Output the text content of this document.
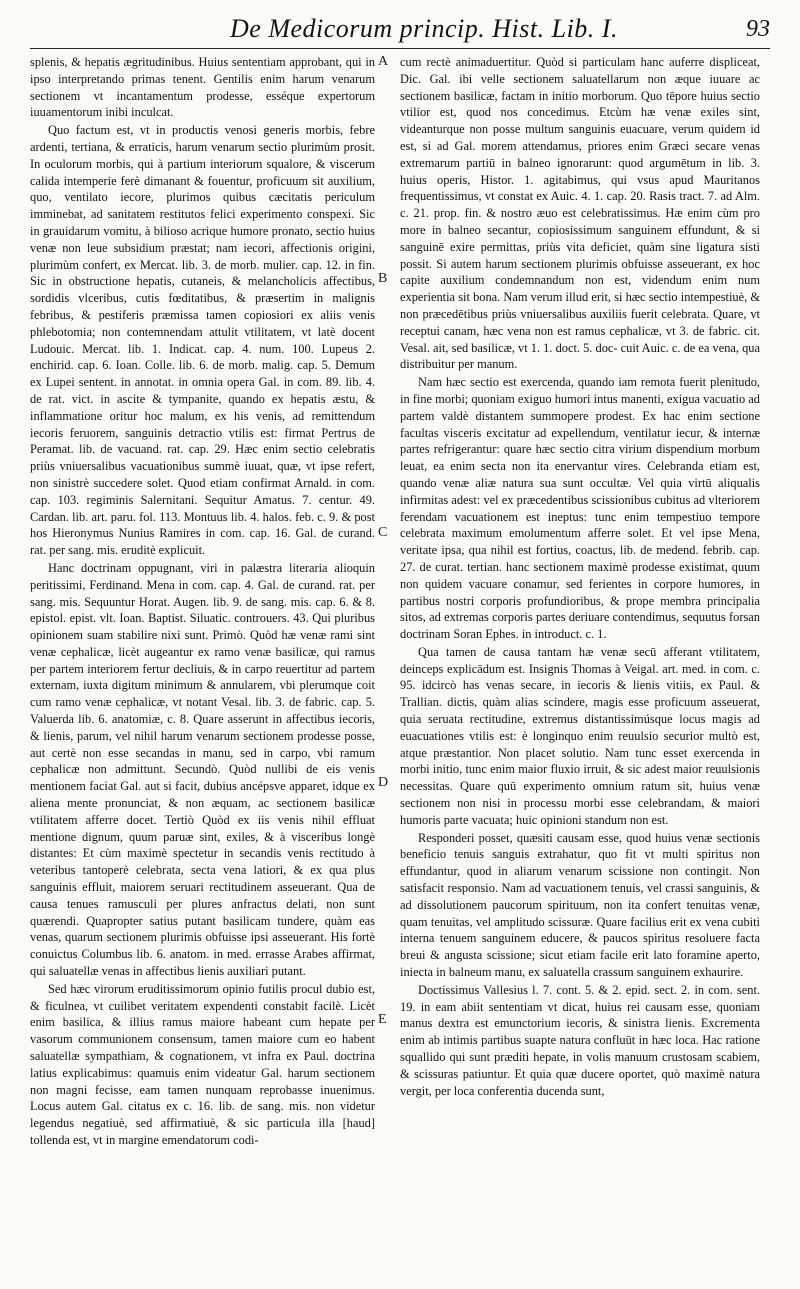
De Medicorum princip. Hist. Lib. I.	93

splenis, & hepatis ægritudinibus. Huius sententiam approbant, qui in ipso interpretando primas tenent. Gentilis enim harum venarum sectionem vt incantamentum prodesse, esséque expertorum iuuamentorum inibi inculcat.

Quo factum est, vt in productis venosi generis morbis, febre ardenti, tertiana, & erraticis, harum venarum sectio plurimùm prosit. In oculorum morbis, qui à partium interiorum squalore, & viscerum calida intemperie ferè dimanant & fouentur, proficuum sit auxilium, quo, ventilato iecore, plurimos quibus cæcitatis periculum imminebat, ad sanitatem restitutos felici experimento conspexi. Sic in grauidarum vomitu, à bilioso acrique humore pronato, sectio huius venæ non leue subsidium præstat; nam iecori, affectionis origini, plurimùm confert, ex Mercat. lib. 3. de morb. mulier. cap. 12. in fin. Sic in obstructione hepatis, cutaneis, & melancholicis affectibus, sordidis vlceribus, cutis fœditatibus, & præsertim in malignis febribus, & pestiferis præmissa tamen copiosiori ex aliis venis phlebotomia; non contemnendam attulit vtilitatem, vt latè docent Ludouic. Mercat. lib. 1. Indicat. cap. 4. num. 100. Lupeus 2. enchirid. cap. 6. Ioan. Colle. lib. 6. de morb. malig. cap. 5. Demum ex Lupei sentent. in annotat. in omnia opera Gal. in com. 89. lib. 4. de rat. vict. in ascite & tympanite, quando ex hepatis æstu, & inflammatione oritur hoc malum, ex his venis, ad remittendum iecoris feruorem, sanguinis detractio vtilis est: firmat Pertrus de Peramat. lib. de vacuand. rat. cap. 29. Hæc enim sectio celebratis priùs vniuersalibus vacuationibus summè iuuat, quæ, vt ipse refert, non sinistrè succedere solet. Quod etiam confirmat Arnald. in com. cap. 103. regiminis Salernitani. Sequitur Amatus. 7. centur. 49. Cardan. lib. art. paru. fol. 113. Montuus lib. 4. halos. feb. c. 9. & post hos Hieronymus Nunius Ramires in com. cap. 16. Gal. de curand. rat. per sang. mis. eruditè explicuit.

Hanc doctrinam oppugnant, viri in palæstra literaria alioquin peritissimi, Ferdinand. Mena in com. cap. 4. Gal. de curand. rat. per sang. mis. Sequuntur Horat. Augen. lib. 9. de sang. mis. cap. 6. & 8. epistol. epist. vlt. Ioan. Baptist. Siluatic. controuers. 43. Qui pluribus opinionem suam stabilire nixi sunt. Primò. Quòd hæ venæ rami sint venæ cephalicæ, licèt augeantur ex ramo venæ basilicæ, qui ramus per partem interiorem fertur decliuis, & in carpo reuertitur ad partem externam, iuxta digitum minimum & annularem, vbi plerumque coit cum ramo venæ cephalicæ, vt notant Vesal. lib. 3. de fabric. cap. 5. Valuerda lib. 6. anatomiæ, c. 8. Quare asserunt in affectibus iecoris, & lienis, parum, vel nihil harum venarum sectionem prodesse posse, aut certè non esse secandas in manu, sed in carpo, vbi ramum cephalicæ non admittunt. Secundò. Quòd nullibi de eis venis mentionem faciat Gal. aut si facit, dubius ancépsve apparet, idque ex aliena mente pronunciat, & non æquam, ac sectionem basilicæ vtilitatem afferre docet. Tertiò Quòd ex iis venis nihil effluat mentione dignum, quum paruæ sint, exiles, & à visceribus longè distantes: Et cùm maximè spectetur in secandis venis rectitudo à veteribus tantoperè celebrata, secta vena latiori, & ex qua plus sanguinis effluit, maiorem seruari rectitudinem asseuerant. Qua de causa tenues ramusculi per plures anfractus delati, non sunt quærendi. Quapropter satius putant basilicam tundere, quàm eas venas, quarum sectionem plurimis obfuisse ipsi asseuerant. His fortè conuictus Columbus lib. 6. anatom. in med. errasse Arabes affirmat, qui saluatellæ venas in affectibus lienis auxiliari putant.

Sed hæc virorum eruditissimorum opinio futilis procul dubio est, & ficulnea, vt cuilibet veritatem expendenti constabit facilè. Licèt enim basilica, & illius ramus maiore habeant cum hepate per vasorum communionem consensum, tamen maiore cum eo habent saluatellæ sympathiam, & cognationem, vt infra ex Paul. doctrina latius explicabimus: quamuis enim videatur Gal. harum sectionem non magni fecisse, eam tamen nunquam reprobasse inuenimus. Locus autem Gal. citatus ex c. 16. lib. de sang. mis. non videtur legendus negatiuè, sed affirmatiuè, & sic particula illa [haud] tollenda est, vt in margine emendatorum codi-

A
B
C
D
E

cum rectè animaduertitur. Quòd si particulam hanc auferre displiceat, Dic. Gal. ibi velle sectionem saluatellarum non æque iuuare ac sectionem basilicæ, factam in initio morborum. Quo tēpore huius sectio vtilior est, quod nos concedimus. Etcùm hæ venæ exiles sint, videanturque non posse multum sanguinis euacuare, verum quidem id est, si ad Gal. morem attendamus, priores enim Græci secare venas extremarum partiū in balneo ignorarunt: quod argumētum in lib. 3. huius operis, Histor. 1. agitabimus, qui vsus apud Mauritanos frequentissimus, vt constat ex Auic. 4. 1. cap. 20. Rasis tract. 7. ad Alm. c. 21. prop. fin. & nostro æuo est celebratissimus. Hæ enim cùm pro more in balneo secantur, copiosissimum sanguinem effundunt, & si sanguinē exire permittas, priùs vita deficiet, quàm sine ligatura sisti possit. Si autem harum sectionem plurimis obfuisse asseuerant, ex hoc capite auxilium condemnandum non est, videndum enim num experientia sit bona. Nam verum illud erit, si hæc sectio intempestiuè, & non præcedētibus priùs vniuersalibus auxiliis fuerit celebrata. Quare, vt receptui canam, hæc vena non est ramus cephalicæ, vt 3. de fabric. cit. Vesal. ait, sed basilicæ, vt 1. 1. doct. 5. doc- cuit Auic. c. de ea vena, qua distribuitur per manum.

Nam hæc sectio est exercenda, quando iam remota fuerit plenitudo, in fine morbi; quoniam exiguo humori intus manenti, exigua vacuatio ad partem valdè distantem summopere prodest. Ex hac enim sectione facultas visceris excitatur ad expellendum, ventilatur iecur, & internæ partes refrigerantur: quare hæc sectio citra virium dispendium morbum leuat, ea enim secta non ita enervantur vires. Celebranda etiam est, quando venæ aliæ natura sua sunt occultæ. Vel quia virtū aliqualis infirmitas adest: vel ex præcedentibus scissionibus cubitus ad vlteriorem ferendam vacuationem est ineptus: tunc enim tempestiuo tempore celebrata maximum emolumentum afferre solet. Et vel ipse Mena, veritate ipsa, qua nihil est fortius, coactus, lib. de medend. febrib. cap. 27. de curat. tertian. hanc sectionem maximè prodesse existimat, quum non quidem vacuare conamur, sed ferientes in corpore humores, in partibus nostri corporis profundioribus, & prope membra principalia sitos, ad extremas corporis partes deriuare contendimus, sequutus forsan doctrinam Soran Ephes. in introduct. c. 1.

Qua tamen de causa tantam hæ venæ secū afferant vtilitatem, deinceps explicādum est. Insignis Thomas à Veigal. art. med. in com. c. 95. idcircò has venas secare, in iecoris & lienis vitiis, ex Paul. & Trallian. dictis, quàm alias scindere, magis esse proficuum asseuerat, quia seruata rectitudine, extremus distantissimúsque locus magis ad euacuationes vtilis est: è longinquo enim reuulsio securior multò est, atque præstantior. Non placet solutio. Nam tunc esset exercenda in morbi initio, tunc enim maior fluxio irruit, & sic adest maior reuulsionis necessitas. Quare quū experimento omnium ratum sit, huius venæ sectionem non nisi in processu morbi esse celebrandam, & maiori humoris parte vacuata; huic opinioni standum non est.

Responderi posset, quæsiti causam esse, quod huius venæ sectionis beneficio tenuis sanguis extrahatur, quo fit vt multi spiritus non effundantur, quod in aliarum venarum scissione non contingit. Non satisfacit responsio. Nam ad vacuationem tenuis, vel crassi sanguinis, & ad dissolutionem paucorum spirituum, non ita confert tenuitas venæ, quam tenuitas, vel amplitudo scissuræ. Quare facilius erit ex vena cubiti interna tenuem sanguinem educere, & paucos spiritus resoluere facta breui & angusta scissione; sicut etiam facile erit lato foramine aperto, iniecta in balneum manu, ex saluatella crassum sanguinem exhaurire.

Doctissimus Vallesius l. 7. cont. 5. & 2. epid. sect. 2. in com. sent. 19. in eam abiit sententiam vt dicat, huius rei causam esse, quoniam manus dextra est emunctorium iecoris, & sinistra lienis. Excrementa enim ab intimis partibus suapte natura confluūt in hæc loca. Hac ratione squallido qui sunt præditi hepate, in volis manuum crustosam scabiem, & scissuras patiuntur. Et quia quæ ducere oportet, quò maximè natura vergit, per loca conferentia ducenda sunt,
